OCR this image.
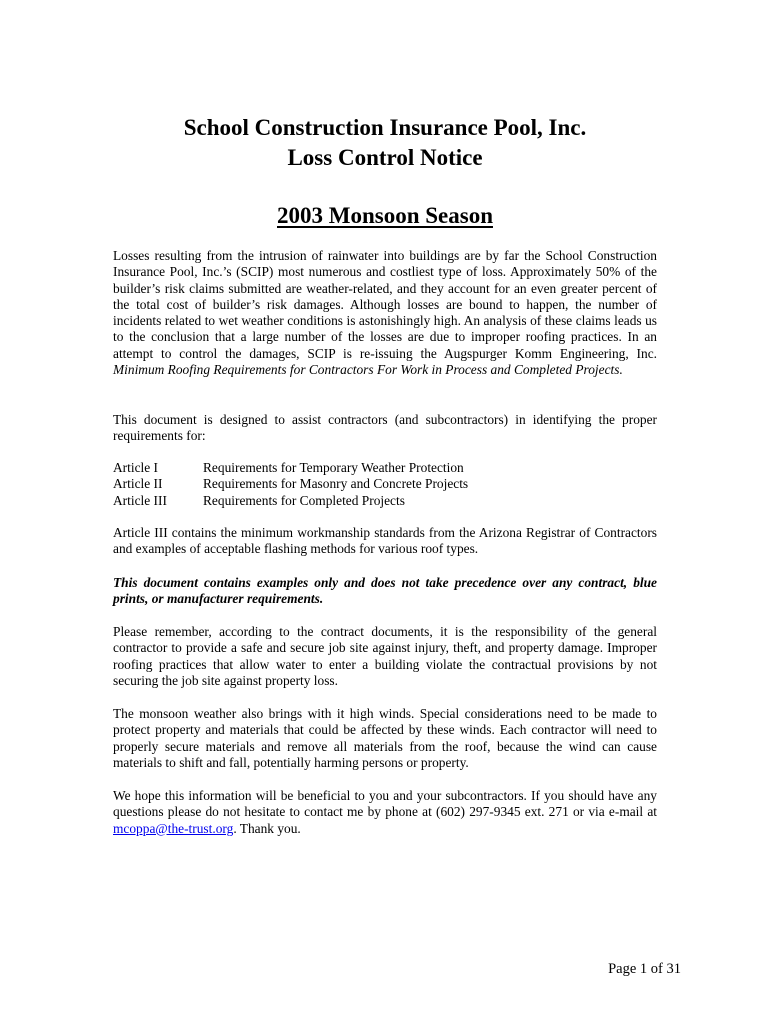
School Construction Insurance Pool, Inc.
Loss Control Notice
2003 Monsoon Season

Losses resulting from the intrusion of rainwater into buildings are by far the School Construction Insurance Pool, Inc.’s (SCIP) most numerous and costliest type of loss. Approximately 50% of the builder’s risk claims submitted are weather-related, and they account for an even greater percent of the total cost of builder’s risk damages. Although losses are bound to happen, the number of incidents related to wet weather conditions is astonishingly high. An analysis of these claims leads us to the conclusion that a large number of the losses are due to improper roofing practices. In an attempt to control the damages, SCIP is re-issuing the Augspurger Komm Engineering, Inc. Minimum Roofing Requirements for Contractors For Work in Process and Completed Projects.

This document is designed to assist contractors (and subcontractors) in identifying the proper requirements for:

Article I	Requirements for Temporary Weather Protection
Article II	Requirements for Masonry and Concrete Projects
Article III	Requirements for Completed Projects

Article III contains the minimum workmanship standards from the Arizona Registrar of Contractors and examples of acceptable flashing methods for various roof types.

This document contains examples only and does not take precedence over any contract, blue prints, or manufacturer requirements.

Please remember, according to the contract documents, it is the responsibility of the general contractor to provide a safe and secure job site against injury, theft, and property damage. Improper roofing practices that allow water to enter a building violate the contractual provisions by not securing the job site against property loss.

The monsoon weather also brings with it high winds. Special considerations need to be made to protect property and materials that could be affected by these winds. Each contractor will need to properly secure materials and remove all materials from the roof, because the wind can cause materials to shift and fall, potentially harming persons or property.

We hope this information will be beneficial to you and your subcontractors. If you should have any questions please do not hesitate to contact me by phone at (602) 297-9345 ext. 271 or via e-mail at mcoppa@the-trust.org. Thank you.

Page 1 of 31
